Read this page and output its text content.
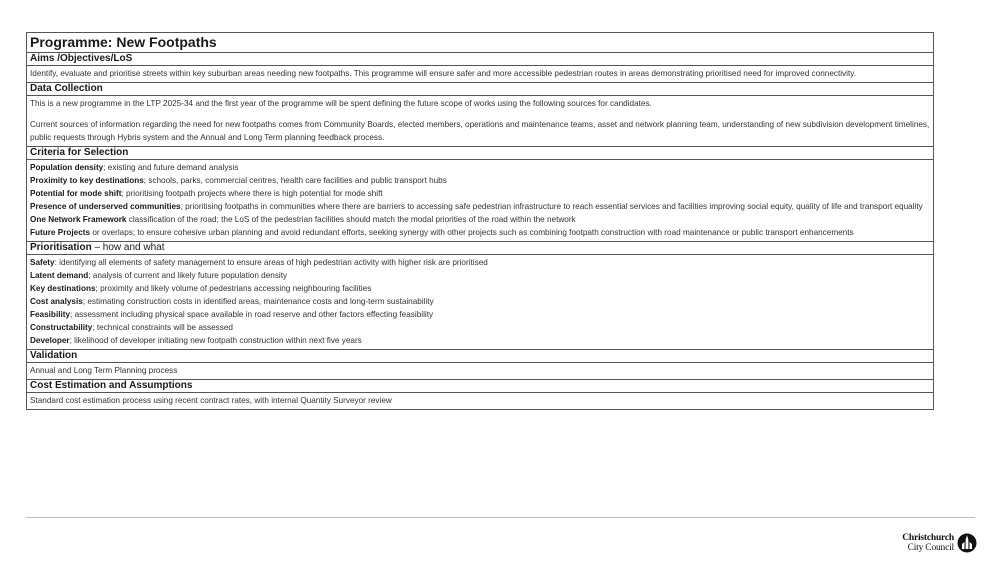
Programme: New Footpaths
Aims /Objectives/LoS

Identify, evaluate and prioritise streets within key suburban areas needing new footpaths. This programme will ensure safer and more accessible pedestrian routes in areas demonstrating prioritised need for improved connectivity.

Data Collection

This is a new programme in the LTP 2025-34 and the first year of the programme will be spent defining the future scope of works using the following sources for candidates.

Current sources of information regarding the need for new footpaths comes from Community Boards, elected members, operations and maintenance teams, asset and network planning team, understanding of new subdivision development timelines, public requests through Hybris system and the Annual and Long Term planning feedback process.

Criteria for Selection

Population density; existing and future demand analysis

Proximity to key destinations; schools, parks, commercial centres, health care facilities and public transport hubs

Potential for mode shift; prioritising footpath projects where there is high potential for mode shift

Presence of underserved communities; prioritising footpaths in communities where there are barriers to accessing safe pedestrian infrastructure to reach essential services and facilities improving social equity, quality of life and transport equality

One Network Framework classification of the road; the LoS of the pedestrian facilities should match the modal priorities of the road within the network

Future Projects or overlaps; to ensure cohesive urban planning and avoid redundant efforts, seeking synergy with other projects such as combining footpath construction with road maintenance or public transport enhancements

Prioritisation – how and what

Safety: identifying all elements of safety management to ensure areas of high pedestrian activity with higher risk are prioritised

Latent demand; analysis of current and likely future population density

Key destinations; proximity and likely volume of pedestrians accessing neighbouring facilities

Cost analysis; estimating construction costs in identified areas, maintenance costs and long-term sustainability

Feasibility; assessment including physical space available in road reserve and other factors effecting feasibility

Constructability; technical constraints will be assessed

Developer; likelihood of developer initiating new footpath construction within next five years

Validation

Annual and Long Term Planning process

Cost Estimation and Assumptions

Standard cost estimation process using recent contract rates, with internal Quantity Surveyor review

Christchurch
City Council
